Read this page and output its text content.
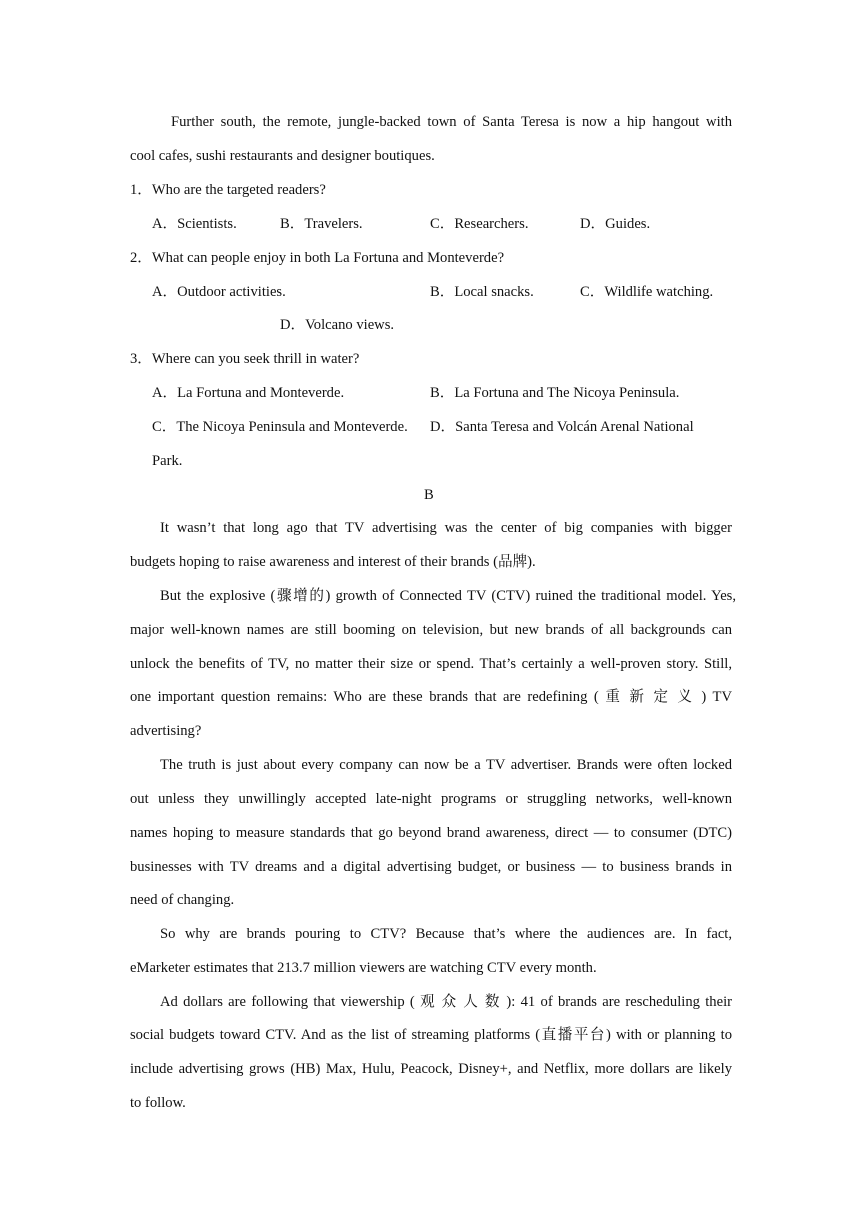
Further south, the remote, jungle-backed town of Santa Teresa is now a hip hangout with
cool cafes, sushi restaurants and designer boutiques.
1．Who are the targeted readers?
A．Scientists.	B．Travelers.	C．Researchers.	D．Guides.
2．What can people enjoy in both La Fortuna and Monteverde?
A．Outdoor activities.	B．Local snacks.	C．Wildlife watching.
D．Volcano views.
3．Where can you seek thrill in water?
A．La Fortuna and Monteverde.	B．La Fortuna and The Nicoya Peninsula.
C．The Nicoya Peninsula and Monteverde. D．Santa Teresa and Volcán Arenal National
Park.
B
It wasn’t that long ago that TV advertising was the center of big companies with bigger
budgets hoping to raise awareness and interest of their brands (品牌).
But the explosive (骤增的) growth of Connected TV (CTV) ruined the traditional model. Yes,
major well-known names are still booming on television, but new brands of all backgrounds can
unlock the benefits of TV, no matter their size or spend. That’s certainly a well-proven story. Still,
one important question remains: Who are these brands that are redefining ( 重 新 定 义 ) TV
advertising?
The truth is just about every company can now be a TV advertiser. Brands were often locked
out unless they unwillingly accepted late-night programs or struggling networks, well-known
names hoping to measure standards that go beyond brand awareness, direct — to consumer (DTC)
businesses with TV dreams and a digital advertising budget, or business — to business brands in
need of changing.
So why are brands pouring to CTV? Because that’s where the audiences are. In fact,
eMarketer estimates that 213.7 million viewers are watching CTV every month.
Ad dollars are following that viewership ( 观 众 人 数 ): 41 of brands are rescheduling their
social budgets toward CTV. And as the list of streaming platforms (直播平台) with or planning to
include advertising grows (HB) Max, Hulu, Peacock, Disney+, and Netflix, more dollars are likely
to follow.
